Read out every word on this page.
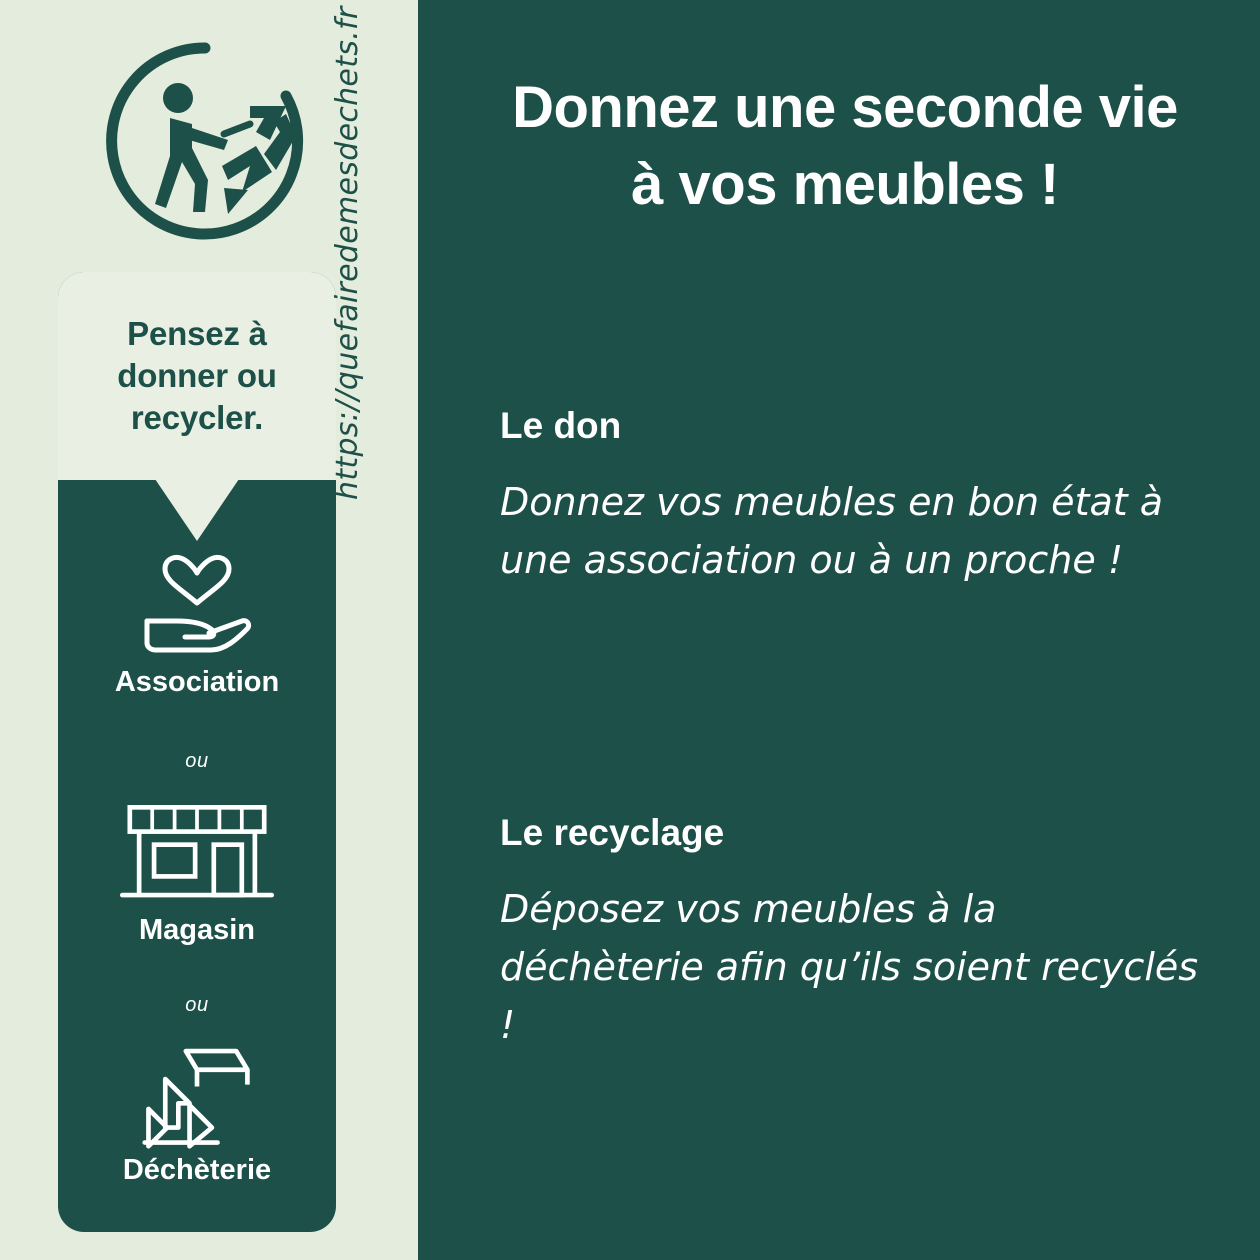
Pensez à
donner ou
recycler.
Association
ou
Magasin
ou
Déchèterie
https://quefairedemesdechets.fr	Donnez une seconde vie
à vos meubles !
Le don
Donnez vos meubles en bon état à une association ou à un proche !
Le recyclage
Déposez vos meubles à la déchèterie afin qu’ils soient recyclés !
